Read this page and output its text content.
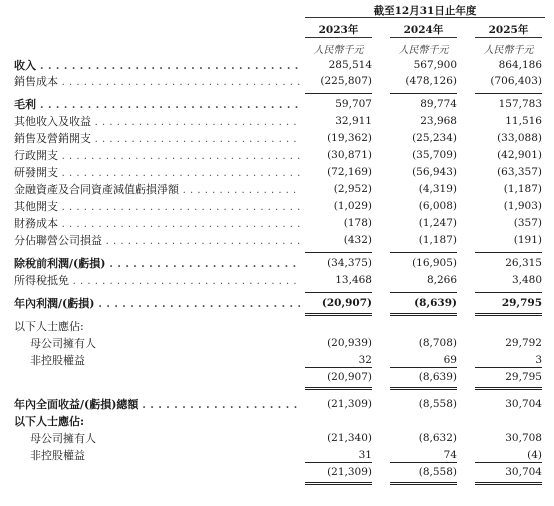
截至12月31日止年度
2023年	2024年	2025年
人民幣千元	人民幣千元	人民幣千元
收入 . . .	285,514	567,900	864,186
銷售成本 . . .	(225,807)	(478,126)	(706,403)
毛利 . . .	59,707	89,774	157,783
其他收入及收益 . . .	32,911	23,968	11,516
銷售及營銷開支 . . .	(19,362)	(25,234)	(33,088)
行政開支 . . .	(30,871)	(35,709)	(42,901)
研發開支 . . .	(72,169)	(56,943)	(63,357)
金融資產及合同資產減值虧損淨額 . . .	(2,952)	(4,319)	(1,187)
其他開支 . . .	(1,029)	(6,008)	(1,903)
財務成本 . . .	(178)	(1,247)	(357)
分佔聯營公司損益 . . .	(432)	(1,187)	(191)
除稅前利潤/(虧損) . . .	(34,375)	(16,905)	26,315
所得稅抵免 . . .	13,468	8,266	3,480
年內利潤/(虧損) . . .	(20,907)	(8,639)	29,795
以下人士應佔:
母公司擁有人	(20,939)	(8,708)	29,792
非控股權益	32	69	3
(20,907)	(8,639)	29,795
年內全面收益/(虧損)總額 . . .	(21,309)	(8,558)	30,704
以下人士應佔:
母公司擁有人	(21,340)	(8,632)	30,708
非控股權益	31	74	(4)
(21,309)	(8,558)	30,704
